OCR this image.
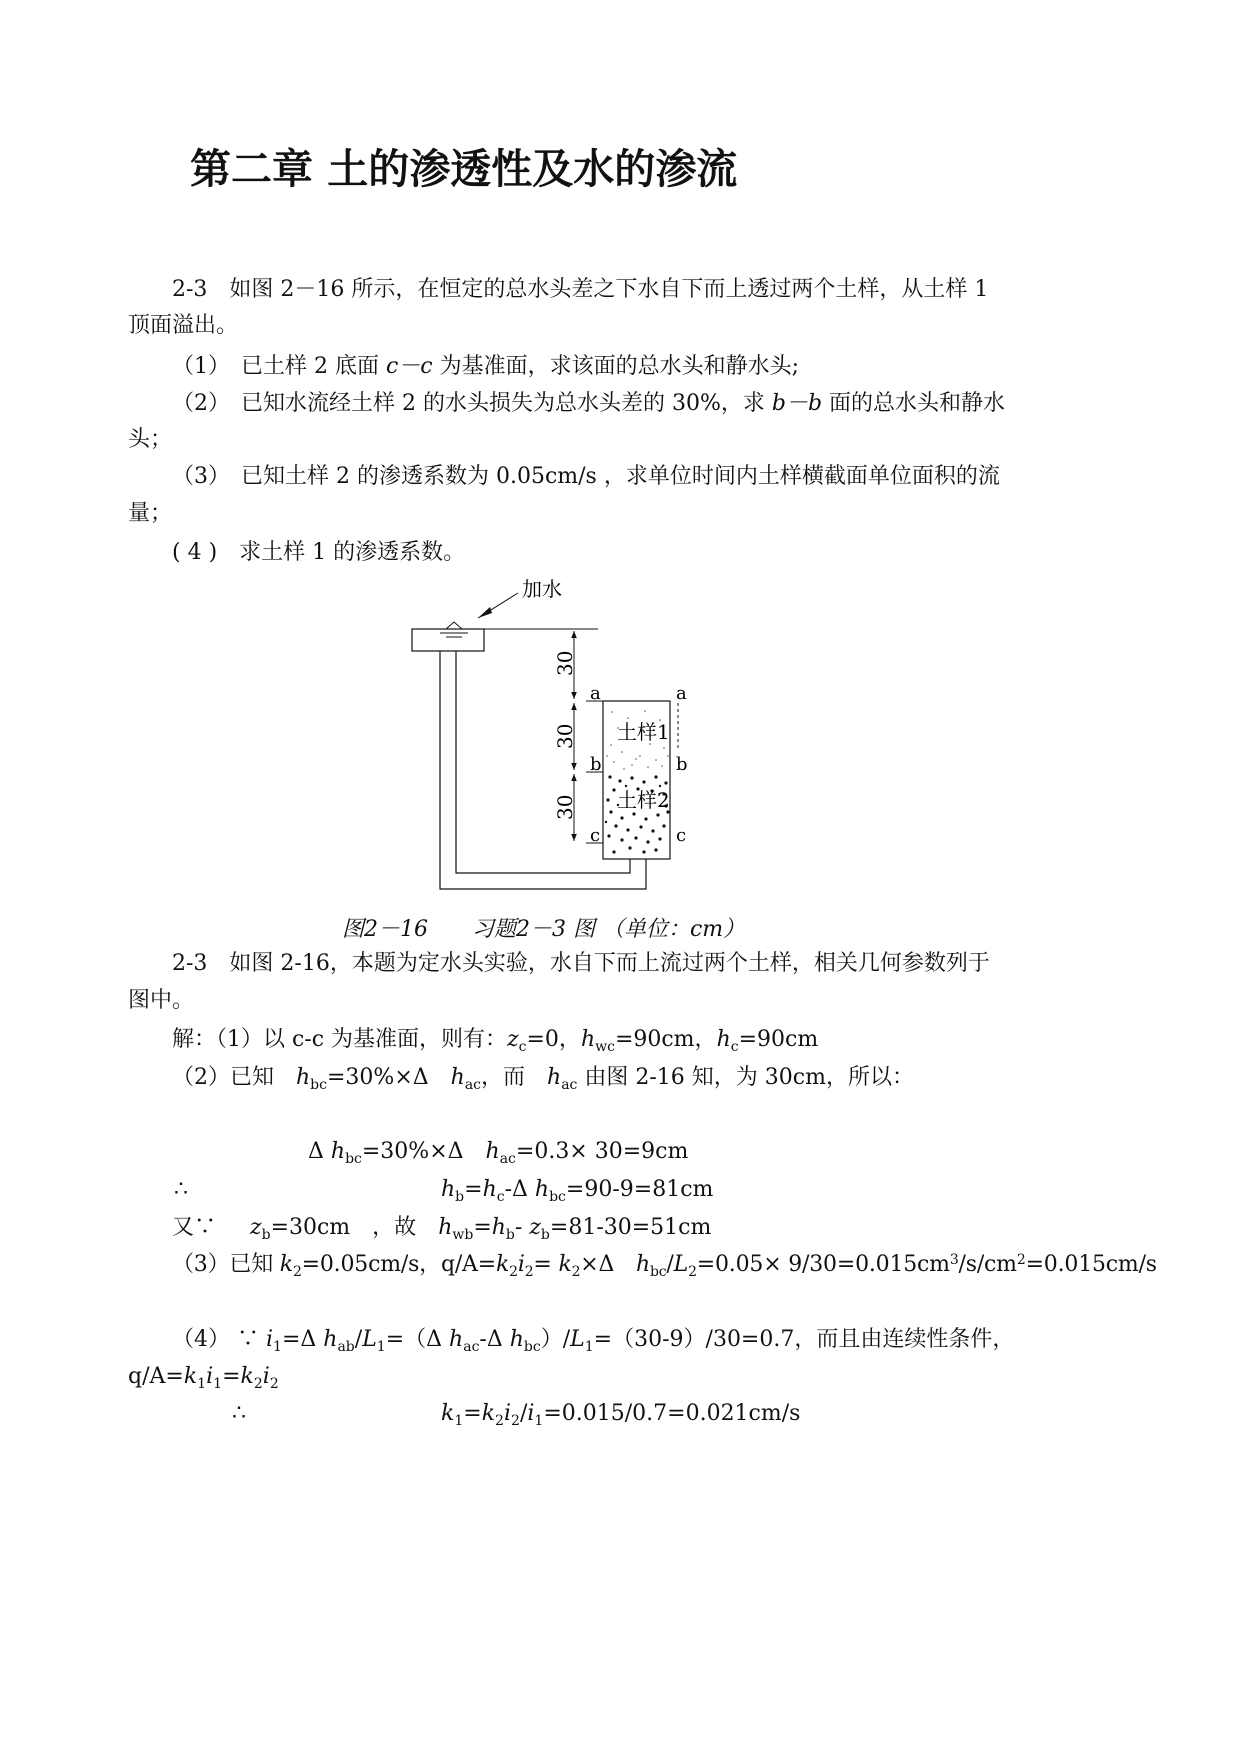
第二章 土的渗透性及水的渗流
2-3　如图 2－16 所示，在恒定的总水头差之下水自下而上透过两个土样，从土样 1
顶面溢出。
（1）　已土样 2 底面 c－c 为基准面，求该面的总水头和静水头;
（2）　已知水流经土样 2 的水头损失为总水头差的 30%，求 b－b 面的总水头和静水
头；
（3）　已知土样 2 的渗透系数为 0.05cm/s ，求单位时间内土样横截面单位面积的流
量；
( 4 )　求土样 1 的渗透系数。
加水
30
30
30
a	a
b	b
c	c
土样1
土样2
图2－16　　习题2－3 图 （单位：cm）
2-3　如图 2-16，本题为定水头实验，水自下而上流过两个土样，相关几何参数列于
图中。
解：（1）以 c-c 为基准面，则有：$z_c=0$，$h_{wc}=90cm$，$h_c=90cm$
（2）已知　$h_{bc}=30\%\times\Delta$　$h_{ac}$，而　$h_{ac}$ 由图 2-16 知，为 30cm，所以：
Δ $h_{bc}=30\%\times\Delta$　$h_{ac}=0.3\times 30=9cm$
∴	$h_b=h_c-\Delta$ $h_{bc}=90-9=81cm$
又∵ $z_b=30cm$　，故　$h_{wb}=h_b-$ $z_b=81-30=51cm$
（3）已知 $k_2=0.05cm/s$，$q/A=k_2i_2= k_2\times\Delta$　$h_{bc}/L_2=0.05\times 9/30=0.015cm^3/s/cm^2=0.015cm/s$
（4） ∵ $i_1=\Delta$ $h_{ab}/L_1=(\Delta$ $h_{ac}-\Delta$ $h_{bc})/L_1=(30-9)/30=0.7$，而且由连续性条件，
$q/A=k_1i_1=k_2i_2$
∴	$k_1=k_2i_2/i_1=0.015/0.7=0.021cm/s$
